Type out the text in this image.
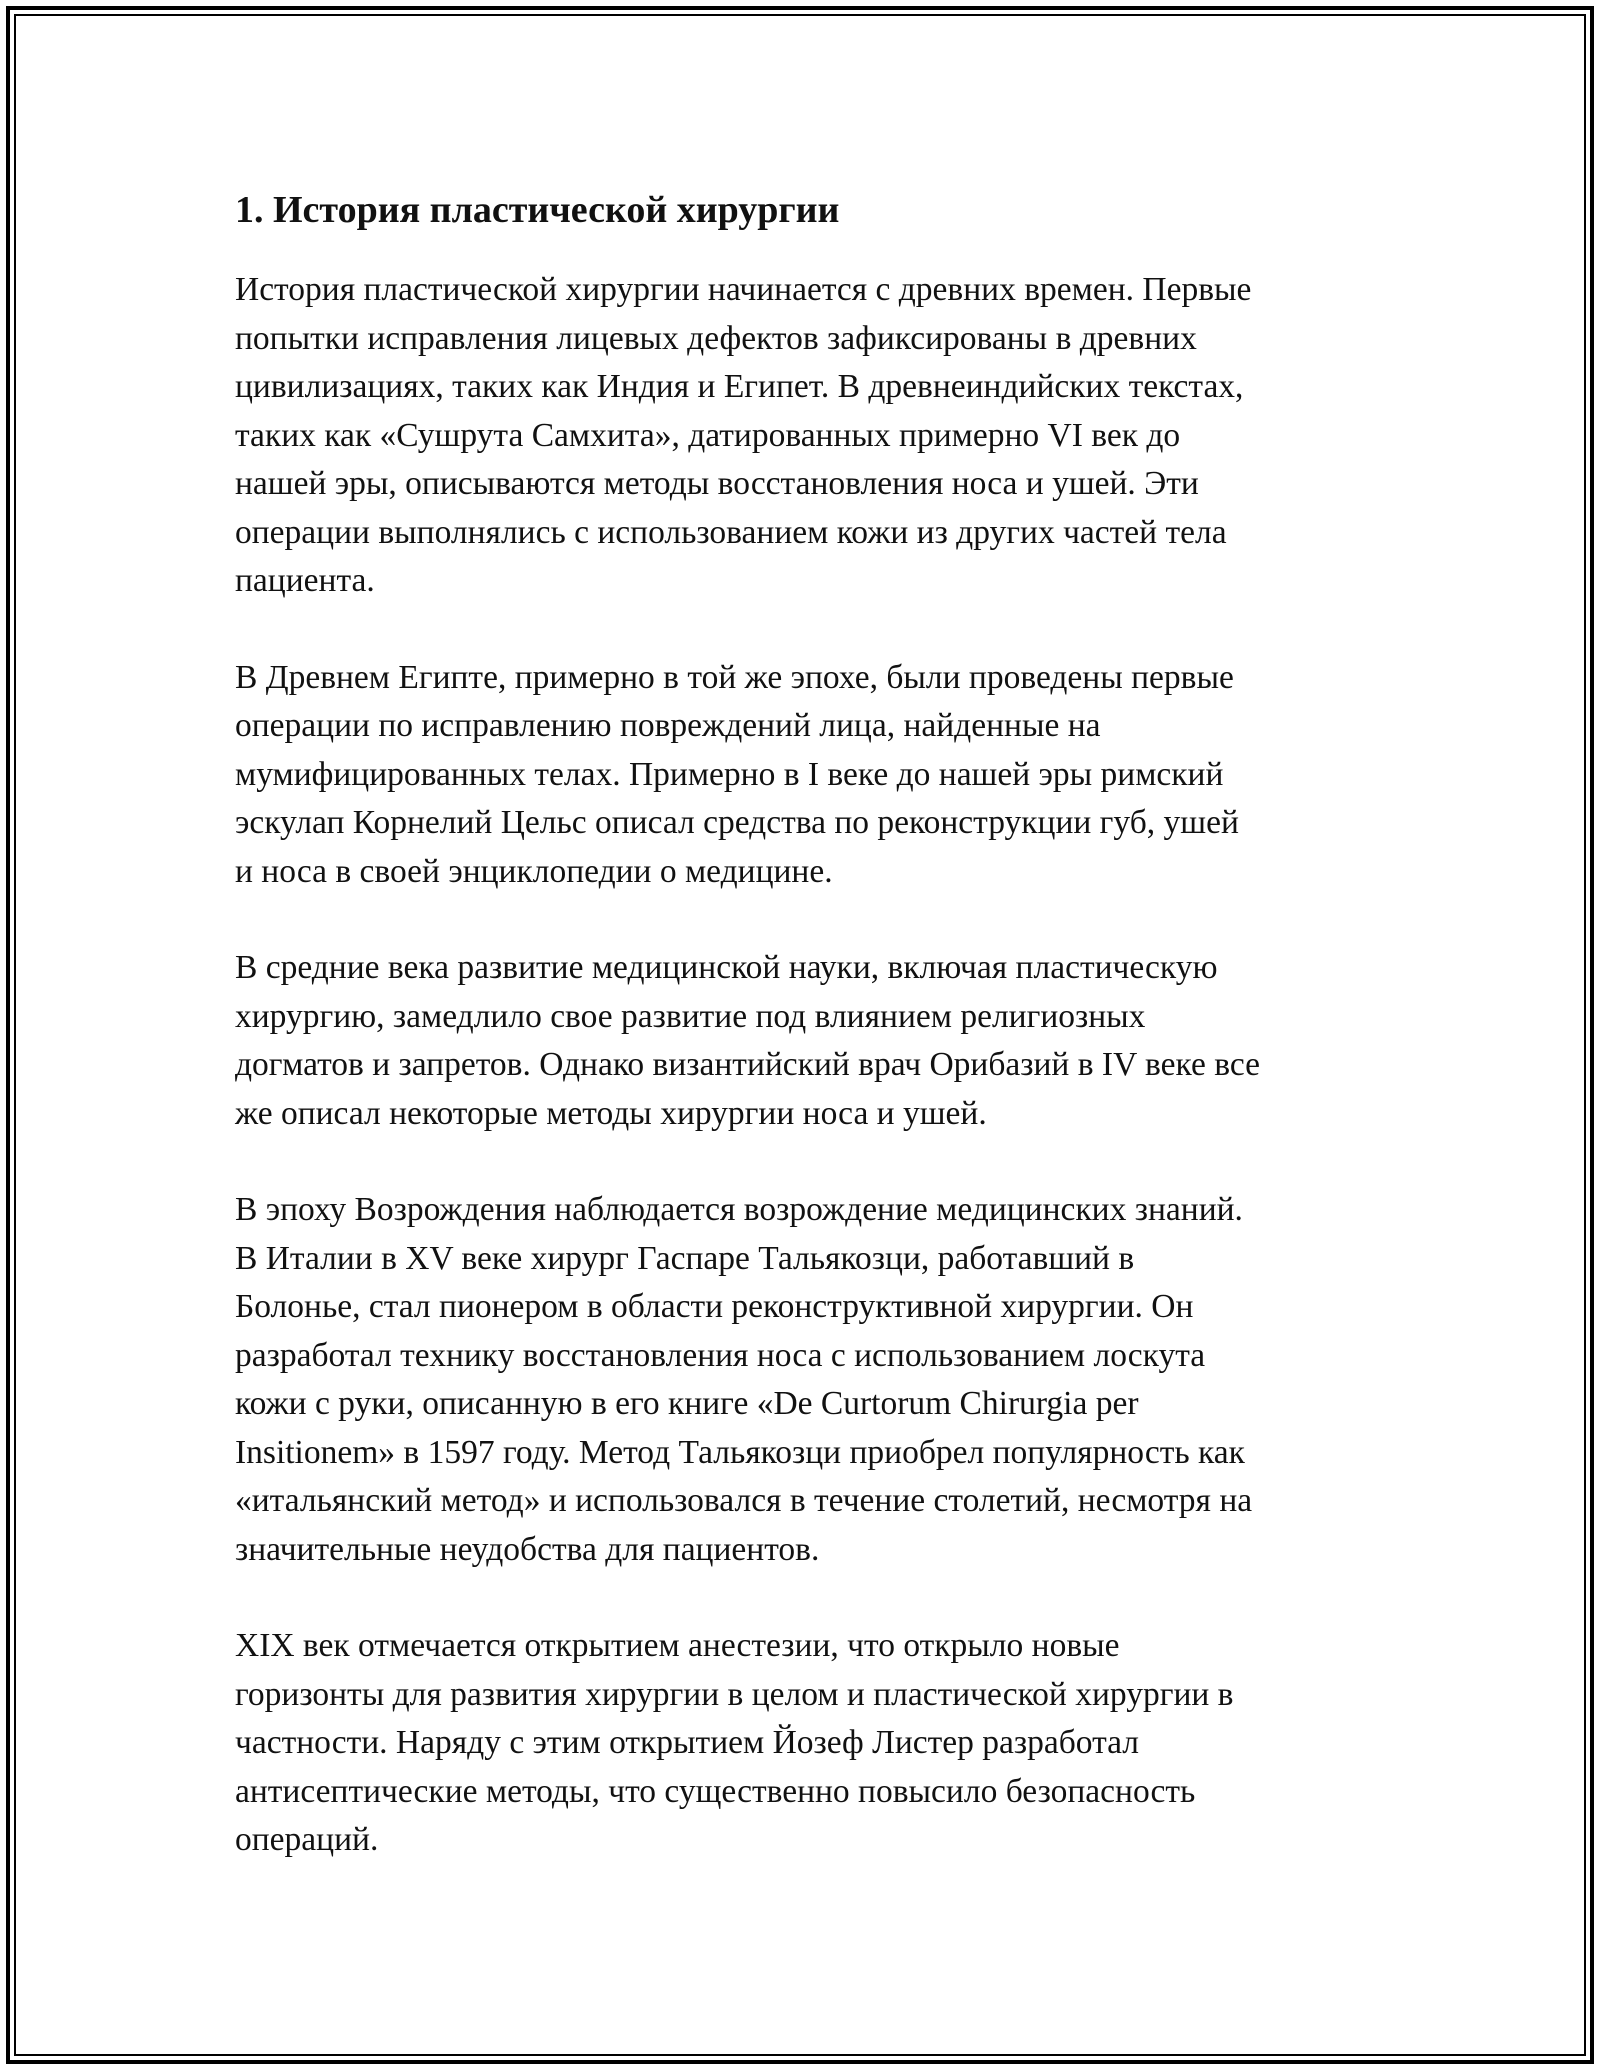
1. История пластической хирургии

История пластической хирургии начинается с древних времен. Первые
попытки исправления лицевых дефектов зафиксированы в древних
цивилизациях, таких как Индия и Египет. В древнеиндийских текстах,
таких как «Сушрута Самхита», датированных примерно VI век до
нашей эры, описываются методы восстановления носа и ушей. Эти
операции выполнялись с использованием кожи из других частей тела
пациента.

В Древнем Египте, примерно в той же эпохе, были проведены первые
операции по исправлению повреждений лица, найденные на
мумифицированных телах. Примерно в I веке до нашей эры римский
эскулап Корнелий Цельс описал средства по реконструкции губ, ушей
и носа в своей энциклопедии о медицине.

В средние века развитие медицинской науки, включая пластическую
хирургию, замедлило свое развитие под влиянием религиозных
догматов и запретов. Однако византийский врач Орибазий в IV веке все
же описал некоторые методы хирургии носа и ушей.

В эпоху Возрождения наблюдается возрождение медицинских знаний.
В Италии в XV веке хирург Гаспаре Тальякозци, работавший в
Болонье, стал пионером в области реконструктивной хирургии. Он
разработал технику восстановления носа с использованием лоскута
кожи с руки, описанную в его книге «De Curtorum Chirurgia per
Insitionem» в 1597 году. Метод Тальякозци приобрел популярность как
«итальянский метод» и использовался в течение столетий, несмотря на
значительные неудобства для пациентов.

XIX век отмечается открытием анестезии, что открыло новые
горизонты для развития хирургии в целом и пластической хирургии в
частности. Наряду с этим открытием Йозеф Листер разработал
антисептические методы, что существенно повысило безопасность
операций.
